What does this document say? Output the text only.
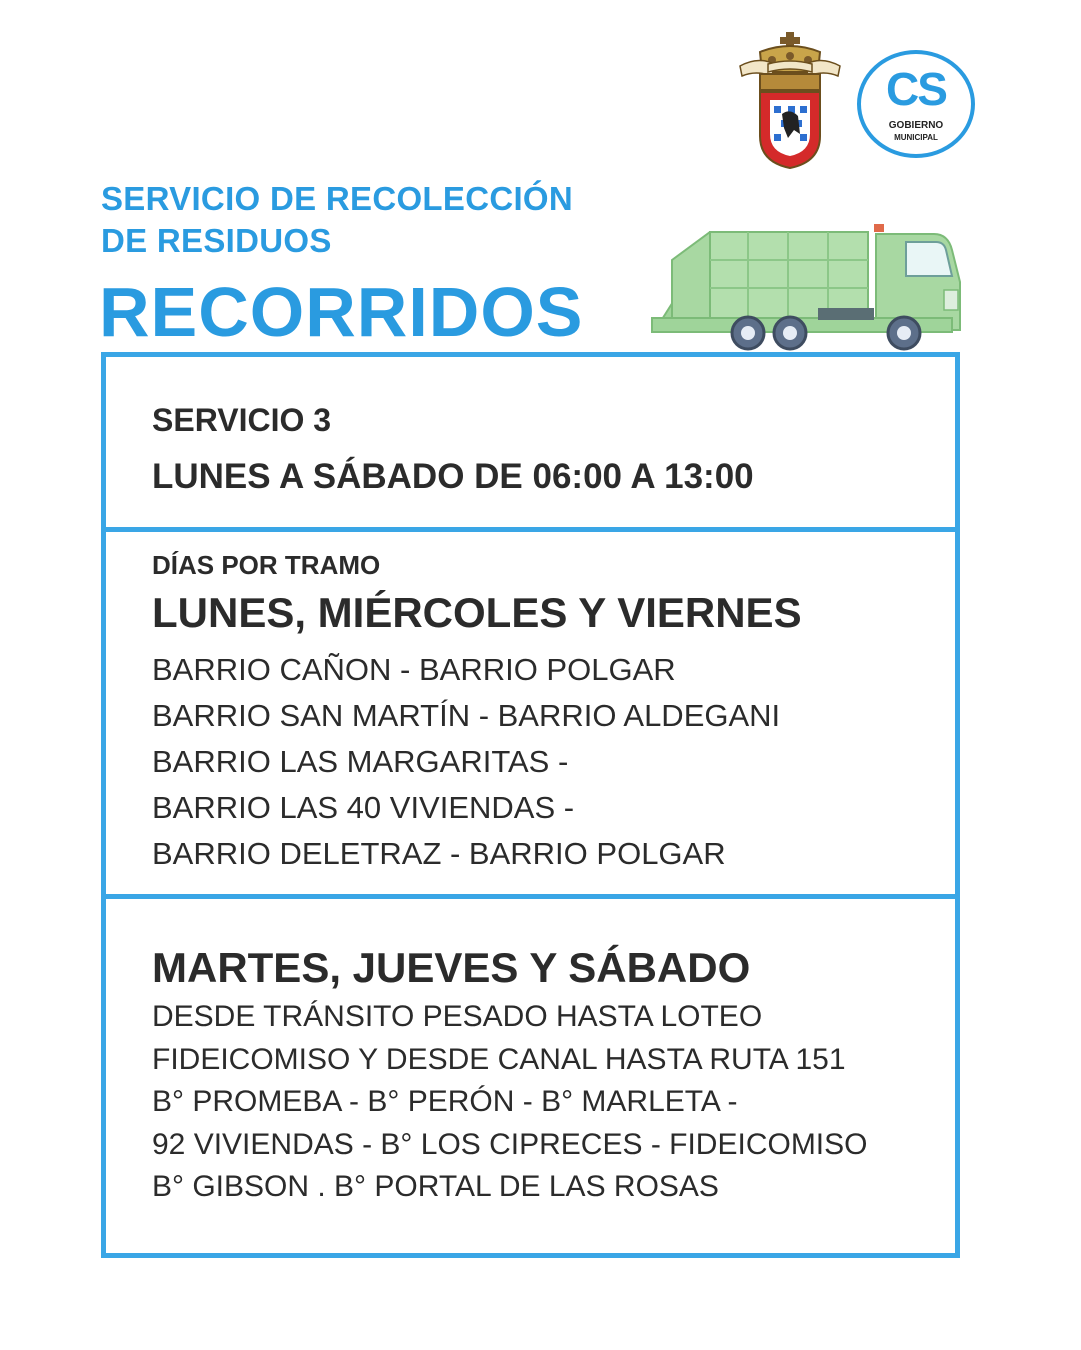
CS
GOBIERNO
MUNICIPAL
SERVICIO DE RECOLECCIÓN
DE RESIDUOS
RECORRIDOS
SERVICIO 3
LUNES A SÁBADO DE 06:00 A 13:00
DÍAS POR TRAMO
LUNES, MIÉRCOLES Y VIERNES
BARRIO CAÑON - BARRIO POLGAR
BARRIO SAN MARTÍN - BARRIO ALDEGANI
BARRIO LAS MARGARITAS -
BARRIO LAS 40 VIVIENDAS -
BARRIO DELETRAZ - BARRIO POLGAR
MARTES, JUEVES Y SÁBADO
DESDE TRÁNSITO PESADO HASTA LOTEO
FIDEICOMISO Y DESDE CANAL HASTA RUTA 151
B° PROMEBA - B° PERÓN - B° MARLETA -
92 VIVIENDAS - B° LOS CIPRECES - FIDEICOMISO
B° GIBSON . B° PORTAL DE LAS ROSAS
